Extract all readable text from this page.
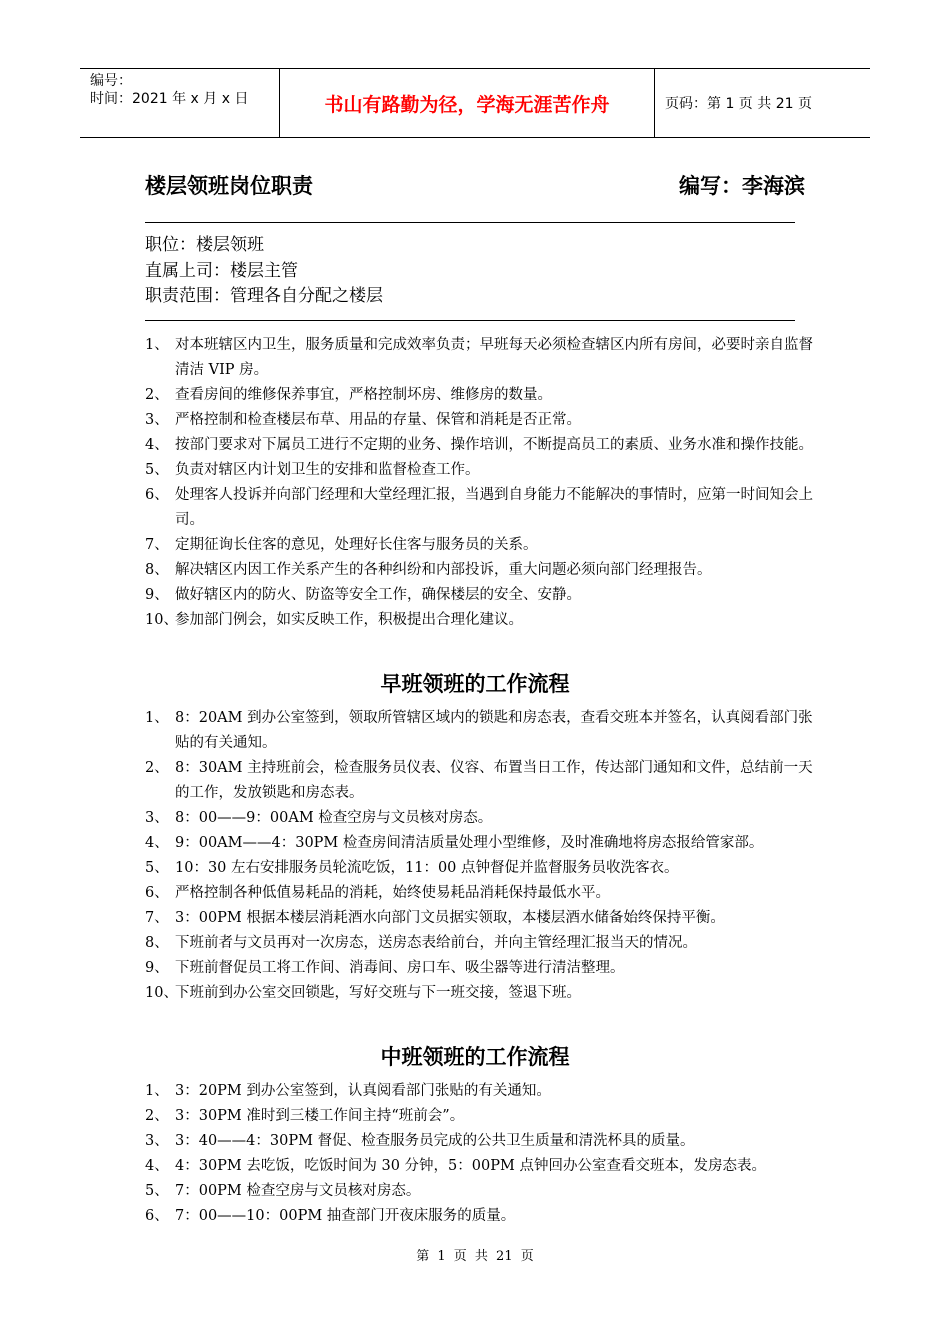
编号：
时间：2021 年 x 月 x 日	书山有路勤为径，学海无涯苦作舟	页码：第 1 页 共 21 页
楼层领班岗位职责	编写：李海滨
职位：楼层领班
直属上司：楼层主管
职责范围：管理各自分配之楼层
1、 对本班辖区内卫生，服务质量和完成效率负责；早班每天必须检查辖区内所有房间，必要时亲自监督清洁 VIP 房。
2、 查看房间的维修保养事宜，严格控制坏房、维修房的数量。
3、 严格控制和检查楼层布草、用品的存量、保管和消耗是否正常。
4、 按部门要求对下属员工进行不定期的业务、操作培训，不断提高员工的素质、业务水准和操作技能。
5、 负责对辖区内计划卫生的安排和监督检查工作。
6、 处理客人投诉并向部门经理和大堂经理汇报，当遇到自身能力不能解决的事情时，应第一时间知会上司。
7、 定期征询长住客的意见，处理好长住客与服务员的关系。
8、 解决辖区内因工作关系产生的各种纠纷和内部投诉，重大问题必须向部门经理报告。
9、 做好辖区内的防火、防盗等安全工作，确保楼层的安全、安静。
10、
参加部门例会，如实反映工作，积极提出合理化建议。
早班领班的工作流程
1、 8：20AM 到办公室签到，领取所管辖区域内的锁匙和房态表，查看交班本并签名，认真阅看部门张贴的有关通知。
2、 8：30AM 主持班前会，检查服务员仪表、仪容、布置当日工作，传达部门通知和文件，总结前一天的工作，发放锁匙和房态表。
3、 8：00——9：00AM 检查空房与文员核对房态。
4、 9：00AM——4：30PM 检查房间清洁质量处理小型维修，及时准确地将房态报给管家部。
5、 10：30 左右安排服务员轮流吃饭，11：00 点钟督促并监督服务员收洗客衣。
6、 严格控制各种低值易耗品的消耗，始终使易耗品消耗保持最低水平。
7、 3：00PM 根据本楼层消耗酒水向部门文员据实领取，本楼层酒水储备始终保持平衡。
8、 下班前者与文员再对一次房态，送房态表给前台，并向主管经理汇报当天的情况。
9、 下班前督促员工将工作间、消毒间、房口车、吸尘器等进行清洁整理。
10、
下班前到办公室交回锁匙，写好交班与下一班交接，签退下班。
中班领班的工作流程
1、 3：20PM 到办公室签到，认真阅看部门张贴的有关通知。
2、 3：30PM 准时到三楼工作间主持“班前会”。
3、 3：40——4：30PM 督促、检查服务员完成的公共卫生质量和清洗杯具的质量。
4、 4：30PM 去吃饭，吃饭时间为 30 分钟，5：00PM 点钟回办公室查看交班本，发房态表。
5、 7：00PM 检查空房与文员核对房态。
6、 7：00——10：00PM 抽查部门开夜床服务的质量。
第 1 页 共 21 页
